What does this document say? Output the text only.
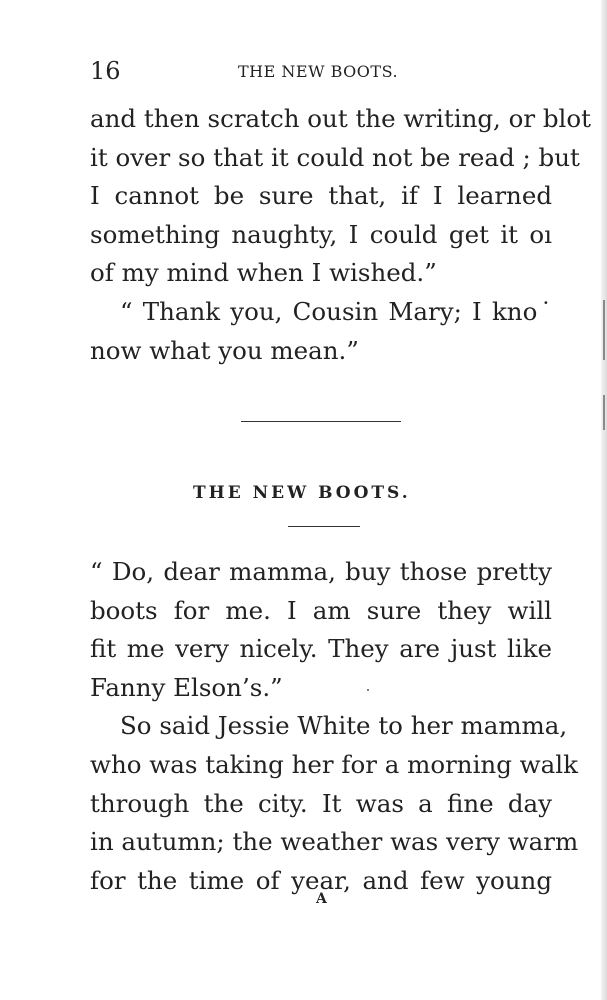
16	THE NEW BOOTS.
and then scratch out the writing, or blot
it over so that it could not be read ; but
I cannot be sure that, if I learned
something naughty, I could get it oı
of my mind when I wished.”
“ Thank you, Cousin Mary; I kno˙
now what you mean.”
THE NEW BOOTS.
“ Do, dear mamma, buy those pretty
boots for me. I am sure they will
fit me very nicely. They are just like
Fanny Elson’s.”
So said Jessie White to her mamma,
who was taking her for a morning walk
through the city. It was a fine day
in autumn; the weather was very warm
for the time of year, and few young
A
